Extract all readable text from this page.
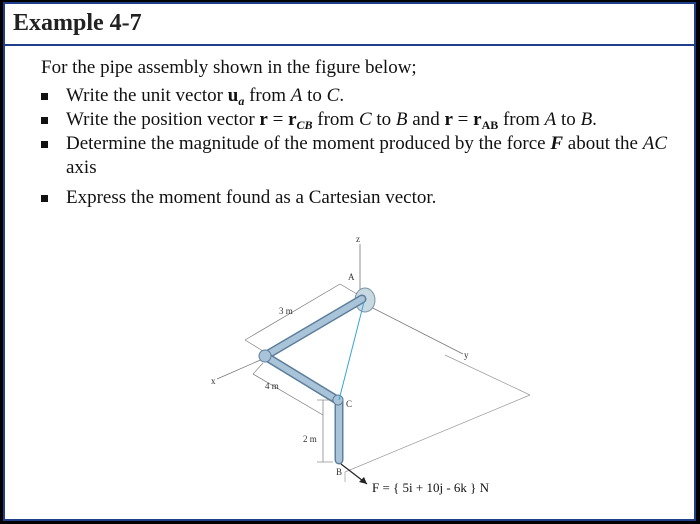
Example 4-7

For the pipe assembly shown in the figure below;

Write the unit vector $u_a$ from A to C.
Write the position vector $r = r_{CB}$ from C to B and $r = r_{AB}$ from A to B.
Determine the magnitude of the moment produced by the force F about the AC axis
Express the moment found as a Cartesian vector.
z
y
x
A
C
B
3 m
4 m
2 m
F = { 5i + 10j - 6k } N
